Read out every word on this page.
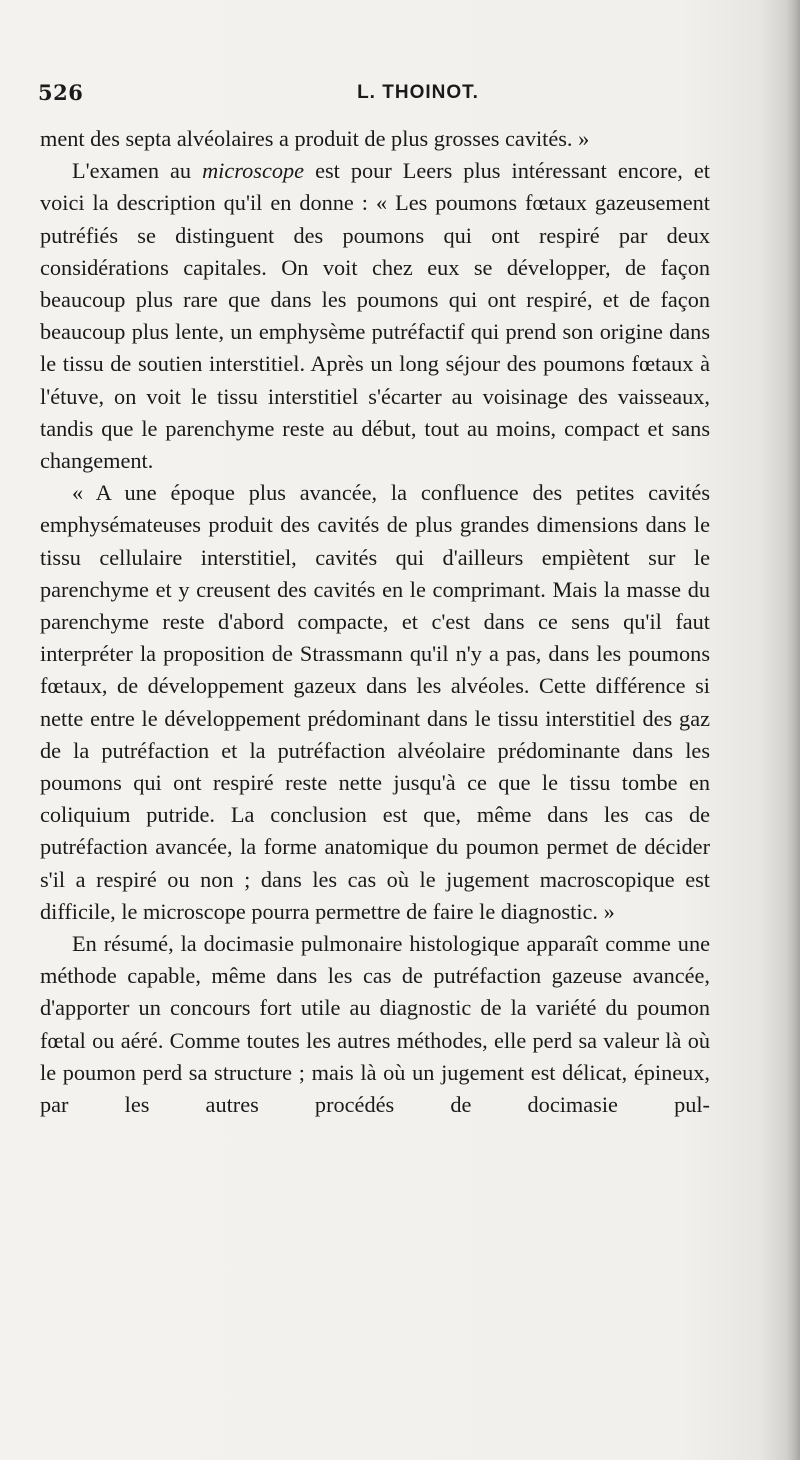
526	L. THOINOT.

ment des septa alvéolaires a produit de plus grosses cavités. »

L'examen au microscope est pour Leers plus intéressant encore, et voici la description qu'il en donne : « Les poumons fœtaux gazeusement putréfiés se distinguent des poumons qui ont respiré par deux considérations capitales. On voit chez eux se développer, de façon beaucoup plus rare que dans les poumons qui ont respiré, et de façon beaucoup plus lente, un emphysème putréfactif qui prend son origine dans le tissu de soutien interstitiel. Après un long séjour des poumons fœtaux à l'étuve, on voit le tissu interstitiel s'écarter au voisinage des vaisseaux, tandis que le parenchyme reste au début, tout au moins, compact et sans changement.

« A une époque plus avancée, la confluence des petites cavités emphysémateuses produit des cavités de plus grandes dimensions dans le tissu cellulaire interstitiel, cavités qui d'ailleurs empiètent sur le parenchyme et y creusent des cavités en le comprimant. Mais la masse du parenchyme reste d'abord compacte, et c'est dans ce sens qu'il faut interpréter la proposition de Strassmann qu'il n'y a pas, dans les poumons fœtaux, de développement gazeux dans les alvéoles. Cette différence si nette entre le développement prédominant dans le tissu interstitiel des gaz de la putréfaction et la putréfaction alvéolaire prédominante dans les poumons qui ont respiré reste nette jusqu'à ce que le tissu tombe en coliquium putride. La conclusion est que, même dans les cas de putréfaction avancée, la forme anatomique du poumon permet de décider s'il a respiré ou non ; dans les cas où le jugement macroscopique est difficile, le microscope pourra permettre de faire le diagnostic. »

En résumé, la docimasie pulmonaire histologique apparaît comme une méthode capable, même dans les cas de putréfaction gazeuse avancée, d'apporter un concours fort utile au diagnostic de la variété du poumon fœtal ou aéré. Comme toutes les autres méthodes, elle perd sa valeur là où le poumon perd sa structure ; mais là où un jugement est délicat, épineux, par les autres procédés de docimasie pul-
